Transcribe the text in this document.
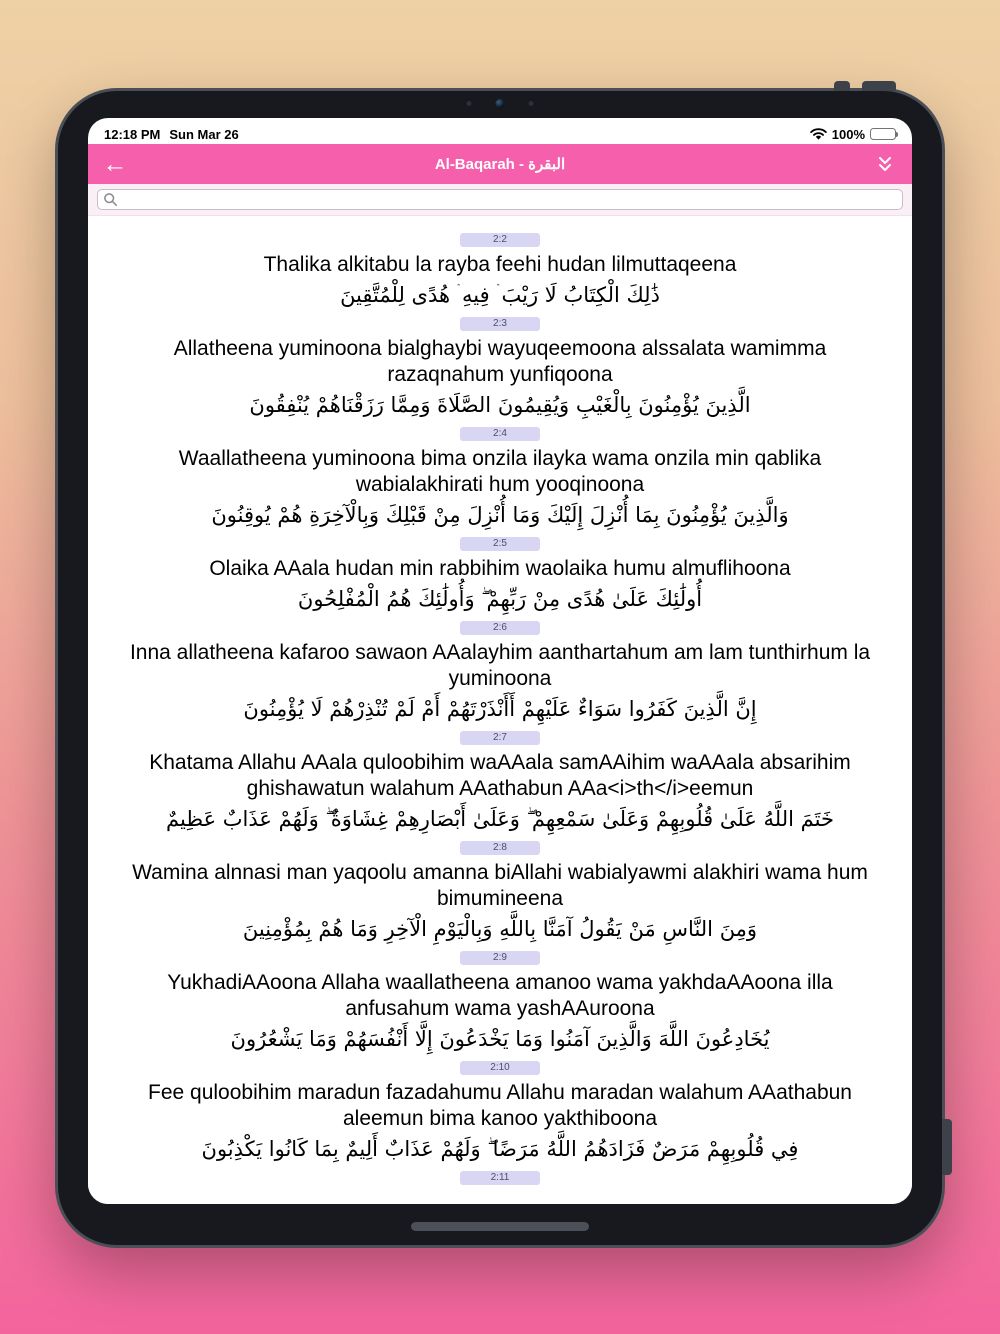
12:18 PM Sun Mar 26	100%
←	Al-Baqarah - البقرة
2:2

Thalika alkitabu la rayba feehi hudan lilmuttaqeena

ذَٰلِكَ الْكِتَابُ لَا رَيْبَ ۛ فِيهِ ۛ هُدًى لِلْمُتَّقِينَ

2:3

Allatheena yuminoona bialghaybi wayuqeemoona alssalata wamimma razaqnahum yunfiqoona

الَّذِينَ يُؤْمِنُونَ بِالْغَيْبِ وَيُقِيمُونَ الصَّلَاةَ وَمِمَّا رَزَقْنَاهُمْ يُنْفِقُونَ

2:4

Waallatheena yuminoona bima onzila ilayka wama onzila min qablika wabialakhirati hum yooqinoona

وَالَّذِينَ يُؤْمِنُونَ بِمَا أُنْزِلَ إِلَيْكَ وَمَا أُنْزِلَ مِنْ قَبْلِكَ وَبِالْآخِرَةِ هُمْ يُوقِنُونَ

2:5

Olaika AAala hudan min rabbihim waolaika humu almuflihoona

أُولَٰئِكَ عَلَىٰ هُدًى مِنْ رَبِّهِمْ ۖ وَأُولَٰئِكَ هُمُ الْمُفْلِحُونَ

2:6

Inna allatheena kafaroo sawaon AAalayhim aanthartahum am lam tunthirhum la yuminoona

إِنَّ الَّذِينَ كَفَرُوا سَوَاءٌ عَلَيْهِمْ أَأَنْذَرْتَهُمْ أَمْ لَمْ تُنْذِرْهُمْ لَا يُؤْمِنُونَ

2:7

Khatama Allahu AAala quloobihim waAAala samAAihim waAAala absarihim ghishawatun walahum AAathabun AAa<i>th</i>eemun

خَتَمَ اللَّهُ عَلَىٰ قُلُوبِهِمْ وَعَلَىٰ سَمْعِهِمْ ۖ وَعَلَىٰ أَبْصَارِهِمْ غِشَاوَةٌ ۖ وَلَهُمْ عَذَابٌ عَظِيمٌ

2:8

Wamina alnnasi man yaqoolu amanna biAllahi wabialyawmi alakhiri wama hum bimumineena

وَمِنَ النَّاسِ مَنْ يَقُولُ آمَنَّا بِاللَّهِ وَبِالْيَوْمِ الْآخِرِ وَمَا هُمْ بِمُؤْمِنِينَ

2:9

YukhadiAAoona Allaha waallatheena amanoo wama yakhdaAAoona illa anfusahum wama yashAAuroona

يُخَادِعُونَ اللَّهَ وَالَّذِينَ آمَنُوا وَمَا يَخْدَعُونَ إِلَّا أَنْفُسَهُمْ وَمَا يَشْعُرُونَ

2:10

Fee quloobihim maradun fazadahumu Allahu maradan walahum AAathabun aleemun bima kanoo yakthiboona

فِي قُلُوبِهِمْ مَرَضٌ فَزَادَهُمُ اللَّهُ مَرَضًا ۖ وَلَهُمْ عَذَابٌ أَلِيمٌ بِمَا كَانُوا يَكْذِبُونَ

2:11
